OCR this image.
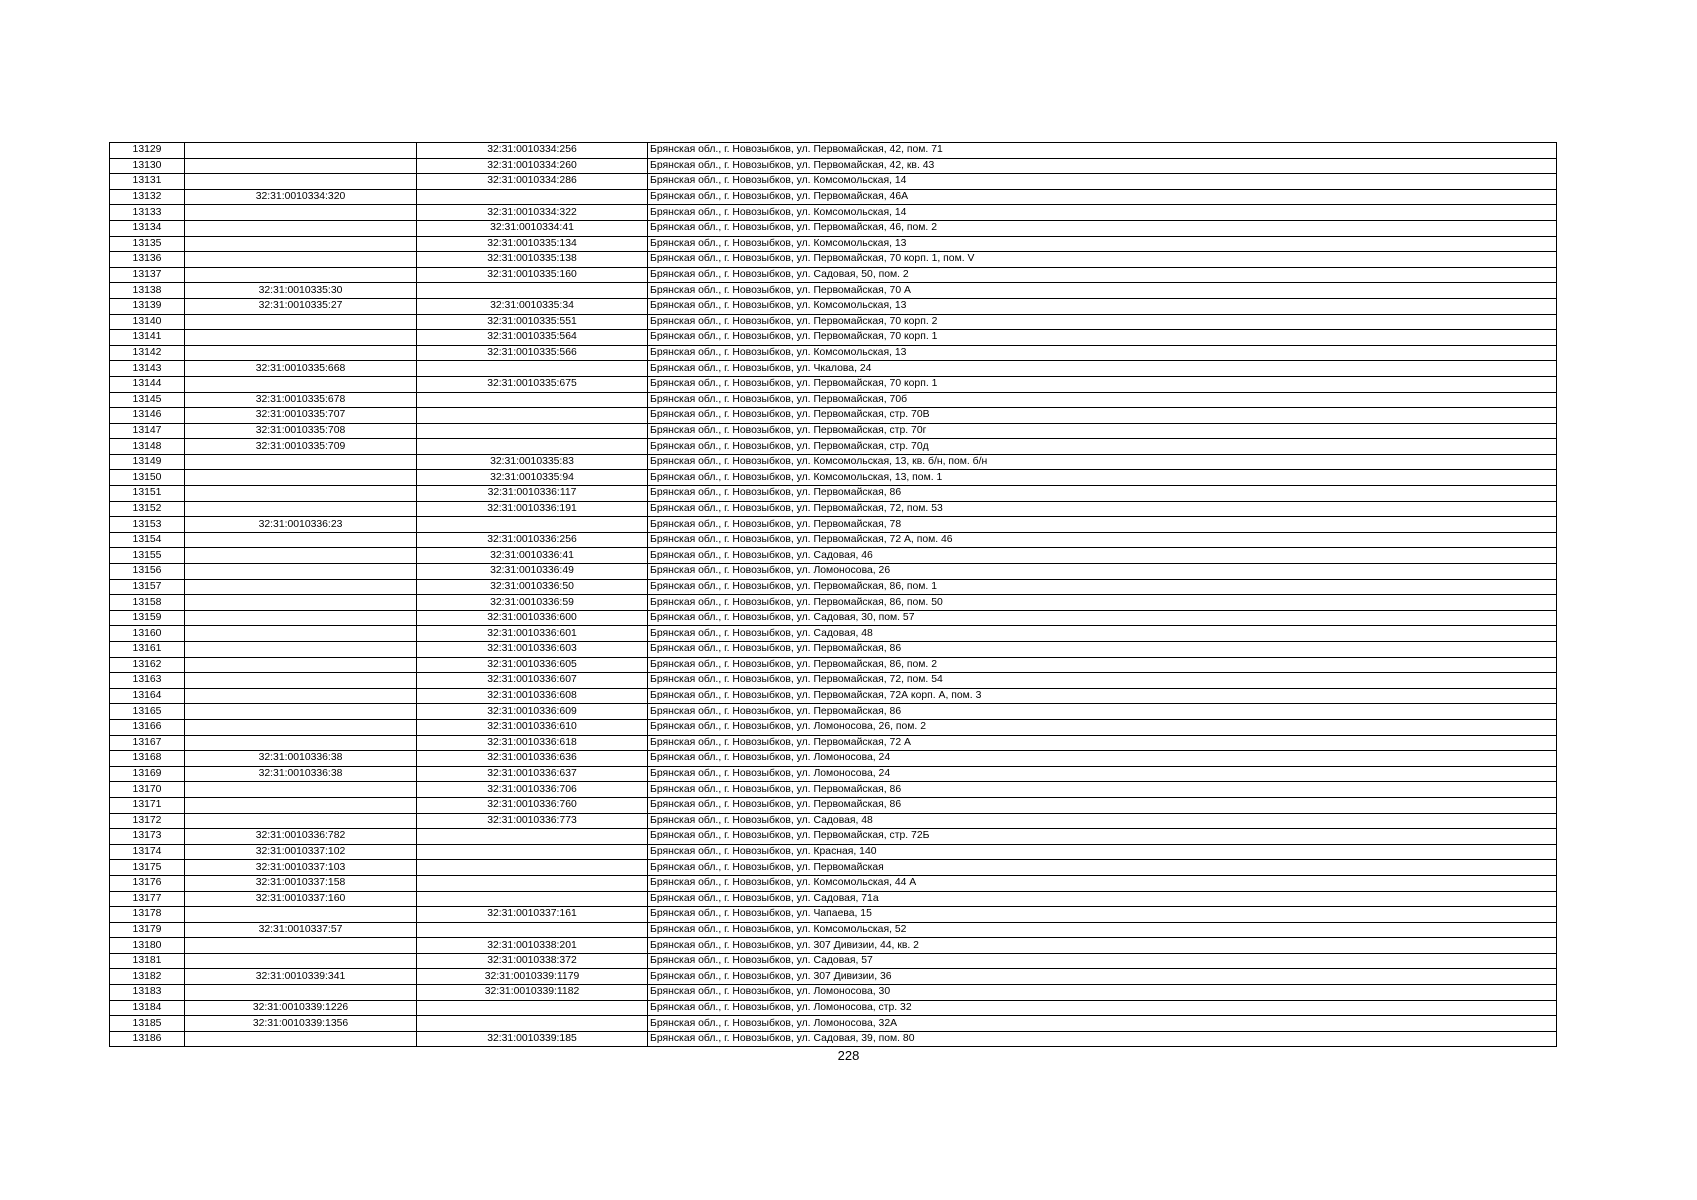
13129		32:31:0010334:256	Брянская обл., г. Новозыбков, ул. Первомайская, 42, пом. 71
13130		32:31:0010334:260	Брянская обл., г. Новозыбков, ул. Первомайская, 42, кв. 43
13131		32:31:0010334:286	Брянская обл., г. Новозыбков, ул. Комсомольская, 14
13132	32:31:0010334:320		Брянская обл., г. Новозыбков, ул. Первомайская, 46А
13133		32:31:0010334:322	Брянская обл., г. Новозыбков, ул. Комсомольская, 14
13134		32:31:0010334:41	Брянская обл., г. Новозыбков, ул. Первомайская, 46, пом. 2
13135		32:31:0010335:134	Брянская обл., г. Новозыбков, ул. Комсомольская, 13
13136		32:31:0010335:138	Брянская обл., г. Новозыбков, ул. Первомайская, 70 корп. 1, пом. V
13137		32:31:0010335:160	Брянская обл., г. Новозыбков, ул. Садовая, 50, пом. 2
13138	32:31:0010335:30		Брянская обл., г. Новозыбков, ул. Первомайская, 70 А
13139	32:31:0010335:27	32:31:0010335:34	Брянская обл., г. Новозыбков, ул. Комсомольская, 13
13140		32:31:0010335:551	Брянская обл., г. Новозыбков, ул. Первомайская, 70 корп. 2
13141		32:31:0010335:564	Брянская обл., г. Новозыбков, ул. Первомайская, 70 корп. 1
13142		32:31:0010335:566	Брянская обл., г. Новозыбков, ул. Комсомольская, 13
13143	32:31:0010335:668		Брянская обл., г. Новозыбков, ул. Чкалова, 24
13144		32:31:0010335:675	Брянская обл., г. Новозыбков, ул. Первомайская, 70 корп. 1
13145	32:31:0010335:678		Брянская обл., г. Новозыбков, ул. Первомайская, 70б
13146	32:31:0010335:707		Брянская обл., г. Новозыбков, ул. Первомайская, стр. 70В
13147	32:31:0010335:708		Брянская обл., г. Новозыбков, ул. Первомайская, стр. 70г
13148	32:31:0010335:709		Брянская обл., г. Новозыбков, ул. Первомайская, стр. 70д
13149		32:31:0010335:83	Брянская обл., г. Новозыбков, ул. Комсомольская, 13, кв. б/н, пом. б/н
13150		32:31:0010335:94	Брянская обл., г. Новозыбков, ул. Комсомольская, 13, пом. 1
13151		32:31:0010336:117	Брянская обл., г. Новозыбков, ул. Первомайская, 86
13152		32:31:0010336:191	Брянская обл., г. Новозыбков, ул. Первомайская, 72, пом. 53
13153	32:31:0010336:23		Брянская обл., г. Новозыбков, ул. Первомайская, 78
13154		32:31:0010336:256	Брянская обл., г. Новозыбков, ул. Первомайская, 72 А, пом. 46
13155		32:31:0010336:41	Брянская обл., г. Новозыбков, ул. Садовая, 46
13156		32:31:0010336:49	Брянская обл., г. Новозыбков, ул. Ломоносова, 26
13157		32:31:0010336:50	Брянская обл., г. Новозыбков, ул. Первомайская, 86, пом. 1
13158		32:31:0010336:59	Брянская обл., г. Новозыбков, ул. Первомайская, 86, пом. 50
13159		32:31:0010336:600	Брянская обл., г. Новозыбков, ул. Садовая, 30, пом. 57
13160		32:31:0010336:601	Брянская обл., г. Новозыбков, ул. Садовая, 48
13161		32:31:0010336:603	Брянская обл., г. Новозыбков, ул. Первомайская, 86
13162		32:31:0010336:605	Брянская обл., г. Новозыбков, ул. Первомайская, 86, пом. 2
13163		32:31:0010336:607	Брянская обл., г. Новозыбков, ул. Первомайская, 72, пом. 54
13164		32:31:0010336:608	Брянская обл., г. Новозыбков, ул. Первомайская, 72А корп. А, пом. 3
13165		32:31:0010336:609	Брянская обл., г. Новозыбков, ул. Первомайская, 86
13166		32:31:0010336:610	Брянская обл., г. Новозыбков, ул. Ломоносова, 26, пом. 2
13167		32:31:0010336:618	Брянская обл., г. Новозыбков, ул. Первомайская, 72 А
13168	32:31:0010336:38	32:31:0010336:636	Брянская обл., г. Новозыбков, ул. Ломоносова, 24
13169	32:31:0010336:38	32:31:0010336:637	Брянская обл., г. Новозыбков, ул. Ломоносова, 24
13170		32:31:0010336:706	Брянская обл., г. Новозыбков, ул. Первомайская, 86
13171		32:31:0010336:760	Брянская обл., г. Новозыбков, ул. Первомайская, 86
13172		32:31:0010336:773	Брянская обл., г. Новозыбков, ул. Садовая, 48
13173	32:31:0010336:782		Брянская обл., г. Новозыбков, ул. Первомайская, стр. 72Б
13174	32:31:0010337:102		Брянская обл., г. Новозыбков, ул. Красная, 140
13175	32:31:0010337:103		Брянская обл., г. Новозыбков, ул. Первомайская
13176	32:31:0010337:158		Брянская обл., г. Новозыбков, ул. Комсомольская, 44 А
13177	32:31:0010337:160		Брянская обл., г. Новозыбков, ул. Садовая, 71а
13178		32:31:0010337:161	Брянская обл., г. Новозыбков, ул. Чапаева, 15
13179	32:31:0010337:57		Брянская обл., г. Новозыбков, ул. Комсомольская, 52
13180		32:31:0010338:201	Брянская обл., г. Новозыбков, ул. 307 Дивизии, 44, кв. 2
13181		32:31:0010338:372	Брянская обл., г. Новозыбков, ул. Садовая, 57
13182	32:31:0010339:341	32:31:0010339:1179	Брянская обл., г. Новозыбков, ул. 307 Дивизии, 36
13183		32:31:0010339:1182	Брянская обл., г. Новозыбков, ул. Ломоносова, 30
13184	32:31:0010339:1226		Брянская обл., г. Новозыбков, ул. Ломоносова, стр. 32
13185	32:31:0010339:1356		Брянская обл., г. Новозыбков, ул. Ломоносова, 32А
13186		32:31:0010339:185	Брянская обл., г. Новозыбков, ул. Садовая, 39, пом. 80
228
